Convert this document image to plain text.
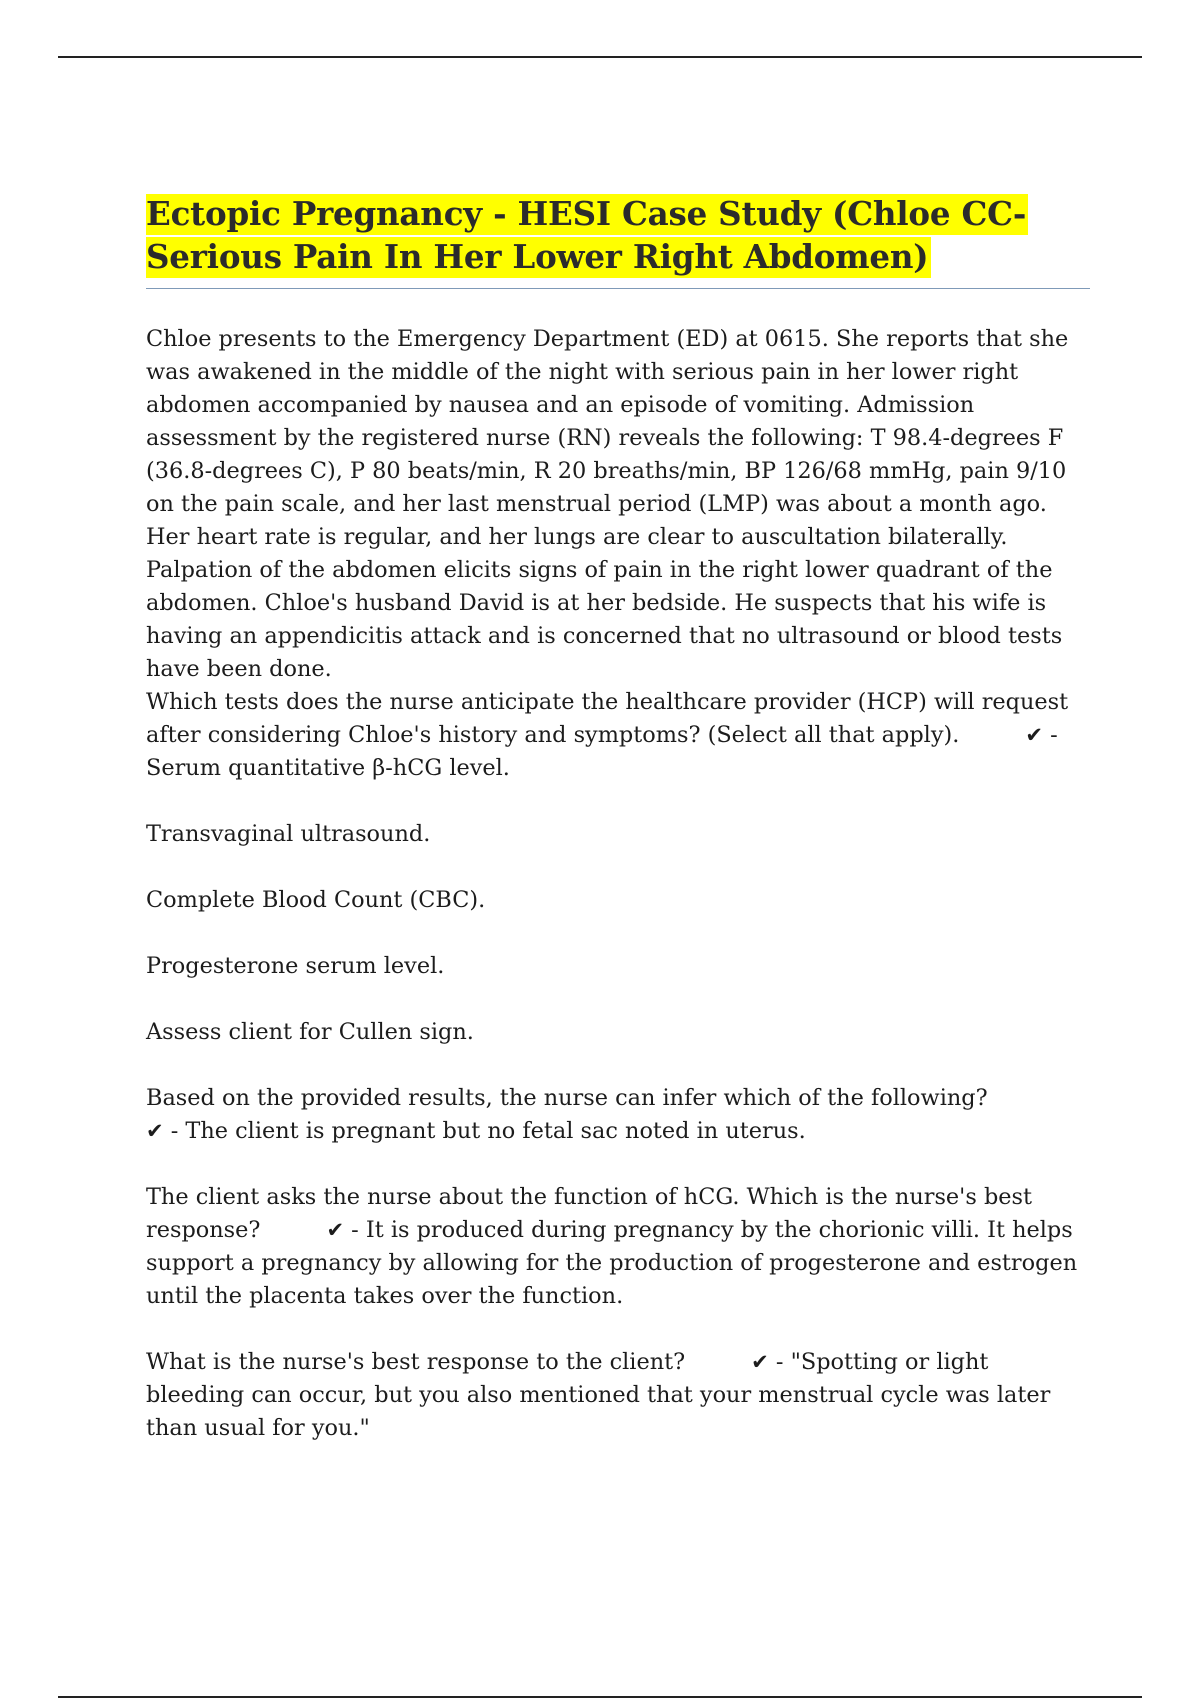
Ectopic Pregnancy - HESI Case Study (Chloe CC- Serious Pain In Her Lower Right Abdomen)

Chloe presents to the Emergency Department (ED) at 0615. She reports that she was awakened in the middle of the night with serious pain in her lower right abdomen accompanied by nausea and an episode of vomiting. Admission assessment by the registered nurse (RN) reveals the following: T 98.4-degrees F (36.8-degrees C), P 80 beats/min, R 20 breaths/min, BP 126/68 mmHg, pain 9/10 on the pain scale, and her last menstrual period (LMP) was about a month ago. Her heart rate is regular, and her lungs are clear to auscultation bilaterally. Palpation of the abdomen elicits signs of pain in the right lower quadrant of the abdomen. Chloe's husband David is at her bedside. He suspects that his wife is having an appendicitis attack and is concerned that no ultrasound or blood tests have been done.

Which tests does the nurse anticipate the healthcare provider (HCP) will request after considering Chloe's history and symptoms? (Select all that apply).	✔ - Serum quantitative β-hCG level.

Transvaginal ultrasound.

Complete Blood Count (CBC).

Progesterone serum level.

Assess client for Cullen sign.

Based on the provided results, the nurse can infer which of the following?
✔ - The client is pregnant but no fetal sac noted in uterus.

The client asks the nurse about the function of hCG. Which is the nurse's best response?	✔ - It is produced during pregnancy by the chorionic villi. It helps support a pregnancy by allowing for the production of progesterone and estrogen until the placenta takes over the function.

What is the nurse's best response to the client?	✔ - "Spotting or light bleeding can occur, but you also mentioned that your menstrual cycle was later than usual for you."
